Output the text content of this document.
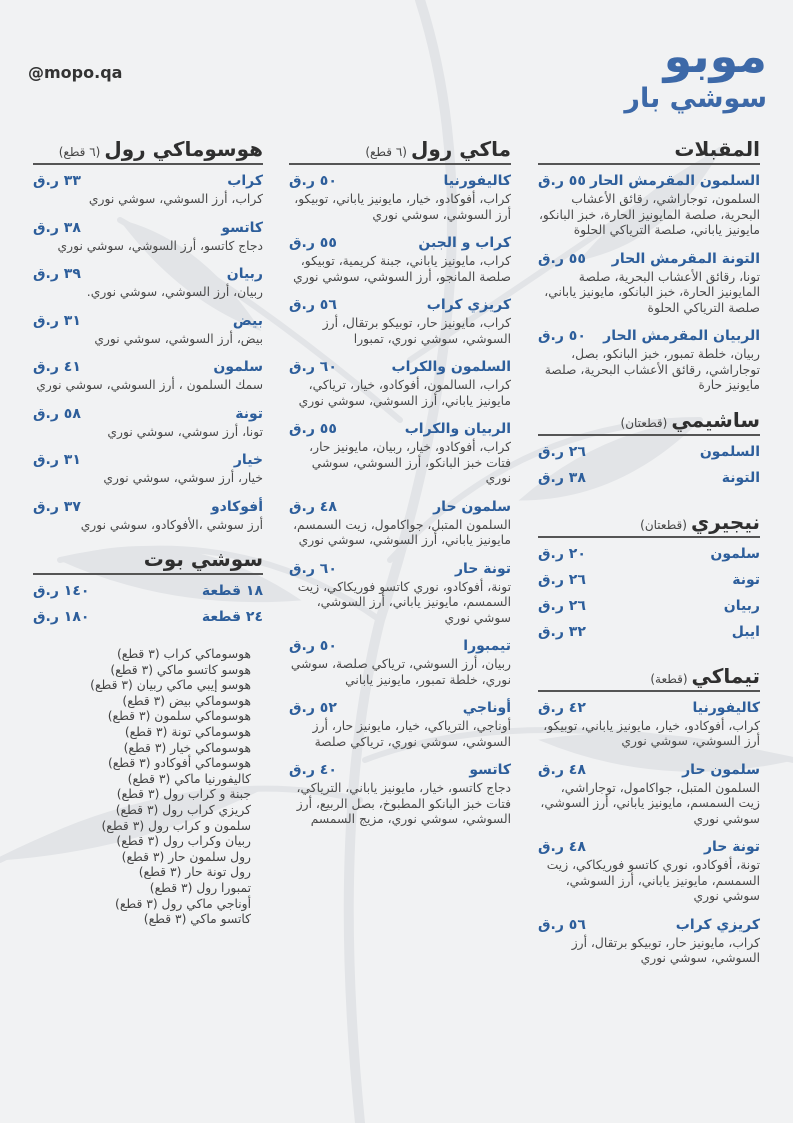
@mopo.qa	موبو
سوشي بار
المقبلات
السلمون المقرمش الحار
٥٥ ر.ق
السلمون، توجاراشي، رقائق الأعشاب البحرية، صلصة المايونيز الحارة، خبز البانكو، مايونيز ياباني، صلصة الترياكي الحلوة
التونة المقرمش الحار
٥٥ ر.ق
تونا، رقائق الأعشاب البحرية، صلصة المايونيز الحارة، خبز البانكو، مايونيز ياباني، صلصة الترياكي الحلوة
الربيان المقرمش الحار
٥٠ ر.ق
ربيان، خلطة تمبور، خبز البانكو، بصل، توجاراشي، رقائق الأعشاب البحرية، صلصة مايونيز حارة
ساشيمي(قطعتان)
السلمون
٢٦ ر.ق
التونة
٣٨ ر.ق
نيجيري(قطعتان)
سلمون
٢٠ ر.ق
تونة
٢٦ ر.ق
ربيان
٢٦ ر.ق
ايبل
٣٢ ر.ق
تيماكي(قطعة)
كاليفورنيا
٤٢ ر.ق
كراب، أفوكادو، خيار، مايونيز ياباني، توبيكو، أرز السوشي، سوشي نوري
سلمون حار
٤٨ ر.ق
السلمون المتبل، جواكامول، توجاراشي، زيت السمسم، مايونيز ياباني، أرز السوشي، سوشي نوري
تونة حار
٤٨ ر.ق
تونة، أفوكادو، نوري كاتسو فوريكاكي، زيت السمسم، مايونيز ياباني، أرز السوشي، سوشي نوري
كريزي كراب
٥٦ ر.ق
كراب، مايونيز حار، توبيكو برتقال، أرز السوشي، سوشي نوري
ماكي رول(٦ قطع)
كاليفورنيا
٥٠ ر.ق
كراب، أفوكادو، خيار، مايونيز ياباني، توبيكو، أرز السوشي، سوشي نوري
كراب و الجبن
٥٥ ر.ق
كراب، مايونيز ياباني، جبنة كريمية، توبيكو، صلصة المانجو، أرز السوشي، سوشي نوري
كريزي كراب
٥٦ ر.ق
كراب، مايونيز حار، توبيكو برتقال، أرز السوشي، سوشي نوري، تمبورا
السلمون والكراب
٦٠ ر.ق
كراب، السالمون، أفوكادو، خيار، ترياكي، مايونيز ياباني، أرز السوشي، سوشي نوري
الربيان والكراب
٥٥ ر.ق
كراب، أفوكادو، خيار، ربيان، مايونيز حار، فتات خبز البانكو، أرز السوشي، سوشي نوري
سلمون حار
٤٨ ر.ق
السلمون المتبل، جواكامول، زيت السمسم، مايونيز ياباني، أرز السوشي، سوشي نوري
تونة حار
٦٠ ر.ق
تونة، أفوكادو، نوري كاتسو فوريكاكي، زيت السمسم، مايونيز ياباني، أرز السوشي، سوشي نوري
تيمبورا
٥٠ ر.ق
ربيان، أرز السوشي، ترياكي صلصة، سوشي نوري، خلطة تمبور، مايونيز ياباني
أوناجي
٥٢ ر.ق
أوناجي، الترياكي، خيار، مايونيز حار، أرز السوشي، سوشي نوري، ترياكي صلصة
كاتسو
٤٠ ر.ق
دجاج كاتسو، خيار، مايونيز ياباني، الترياكي، فتات خبز البانكو المطبوخ، بصل الربيع، أرز السوشي، سوشي نوري، مزيج السمسم
هوسوماكي رول(٦ قطع)
كراب
٣٣ ر.ق
كراب، أرز السوشي، سوشي نوري
كاتسو
٣٨ ر.ق
دجاج كاتسو، أرز السوشي، سوشي نوري
ربيان
٣٩ ر.ق
ربيان، أرز السوشي، سوشي نوري.
بيض
٣١ ر.ق
بيض، أرز السوشي، سوشي نوري
سلمون
٤١ ر.ق
سمك السلمون ، أرز السوشي، سوشي نوري
تونة
٥٨ ر.ق
تونا، أرز سوشي، سوشي نوري
خيار
٣١ ر.ق
خيار، أرز سوشي، سوشي نوري
أفوكادو
٣٧ ر.ق
أرز سوشي ،الأفوكادو، سوشي نوري
سوشي بوت
١٨ قطعة
١٤٠ ر.ق
٢٤ قطعة
١٨٠ ر.ق
هوسوماكي كراب (٣ قطع)
هوسو كاتسو ماكي (٣ قطع)
هوسو إيبي ماكي ربيان (٣ قطع)
هوسوماكي بيض (٣ قطع)
هوسوماكي سلمون (٣ قطع)
هوسوماكي تونة (٣ قطع)
هوسوماكي خيار (٣ قطع)
هوسوماكي أفوكادو (٣ قطع)
كاليفورنيا ماكي (٣ قطع)
جبنة و كراب رول (٣ قطع)
كريزي كراب رول (٣ قطع)
سلمون و كراب رول (٣ قطع)
ربيان وكراب رول (٣ قطع)
رول سلمون حار (٣ قطع)
رول تونة حار (٣ قطع)
تمبورا رول (٣ قطع)
أوناجي ماكي رول (٣ قطع)
كاتسو ماكي (٣ قطع)
